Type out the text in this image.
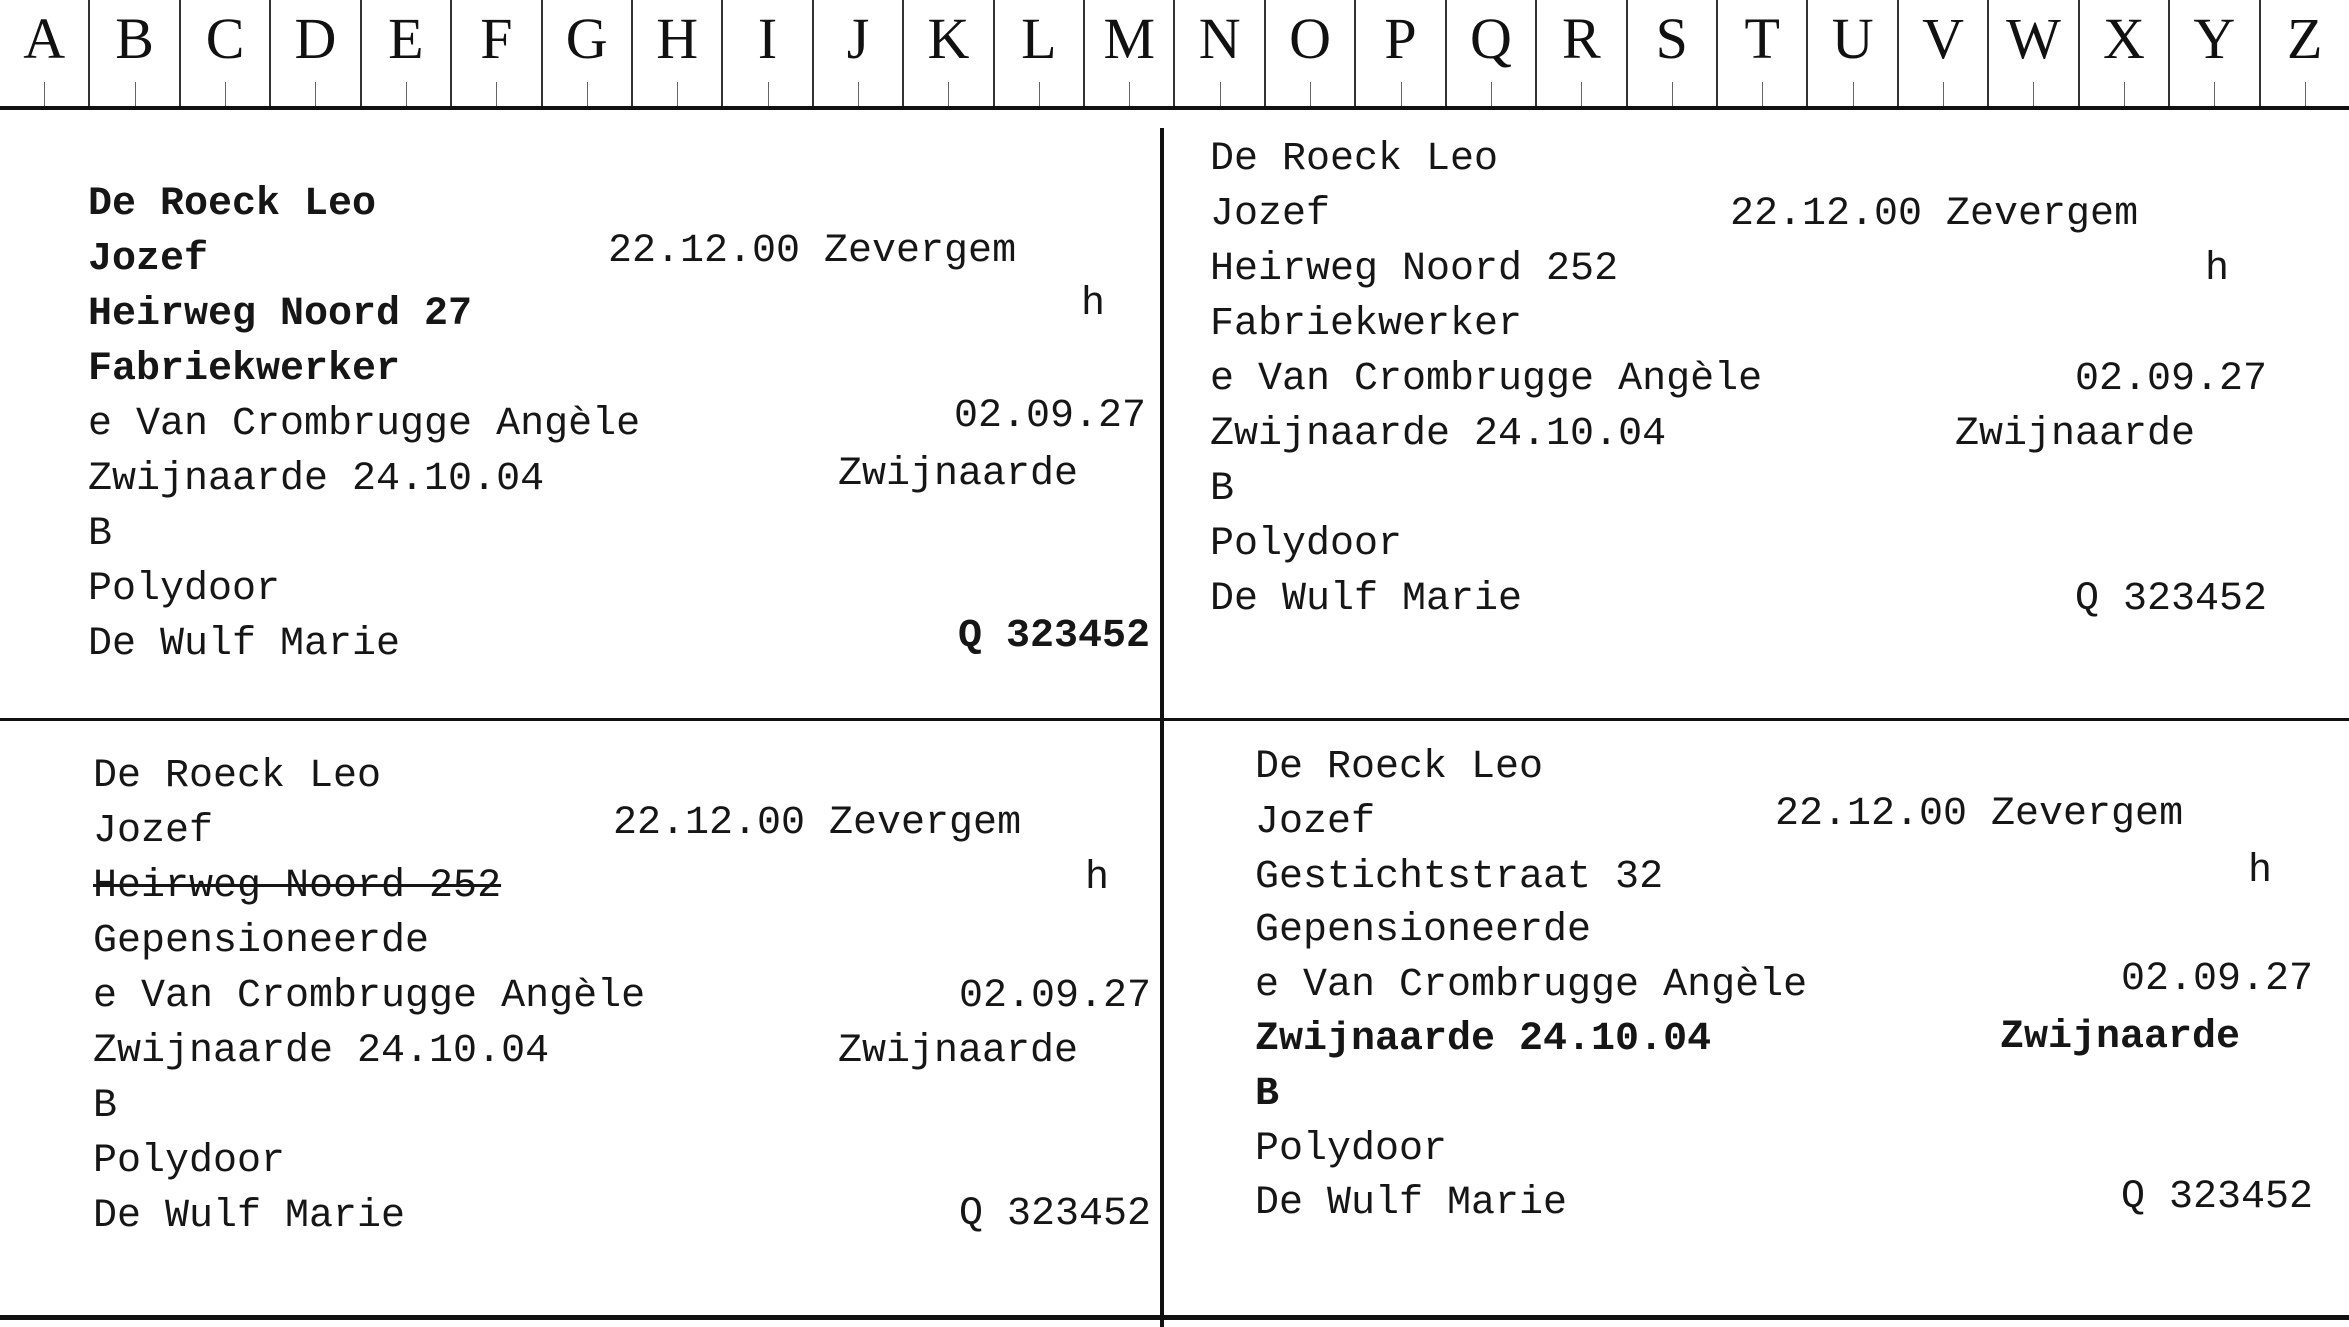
A B C D E F G H	I	J	K L M N O P Q R S T U V W X Y Z
De Roeck Leo
Jozef	22.12.00 Zevergem
Heirweg Noord 27	h
Fabriekwerker
e Van Crombrugge Angèle	02.09.27
Zwijnaarde 24.10.04	Zwijnaarde
B
Polydoor
De Wulf Marie	Q 323452
De Roeck Leo
Jozef	22.12.00 Zevergem
Heirweg Noord 252	h
Fabriekwerker
e Van Crombrugge Angèle	02.09.27
Zwijnaarde 24.10.04	Zwijnaarde
B
Polydoor
De Wulf Marie	Q 323452
De Roeck Leo
Jozef	22.12.00 Zevergem
Heirweg Noord 252	h
Gepensioneerde
e Van Crombrugge Angèle	02.09.27
Zwijnaarde 24.10.04	Zwijnaarde
B
Polydoor
De Wulf Marie	Q 323452
De Roeck Leo
Jozef	22.12.00 Zevergem
Gestichtstraat 32	h
Gepensioneerde
e Van Crombrugge Angèle	02.09.27
Zwijnaarde 24.10.04	Zwijnaarde
B
Polydoor
De Wulf Marie	Q 323452
